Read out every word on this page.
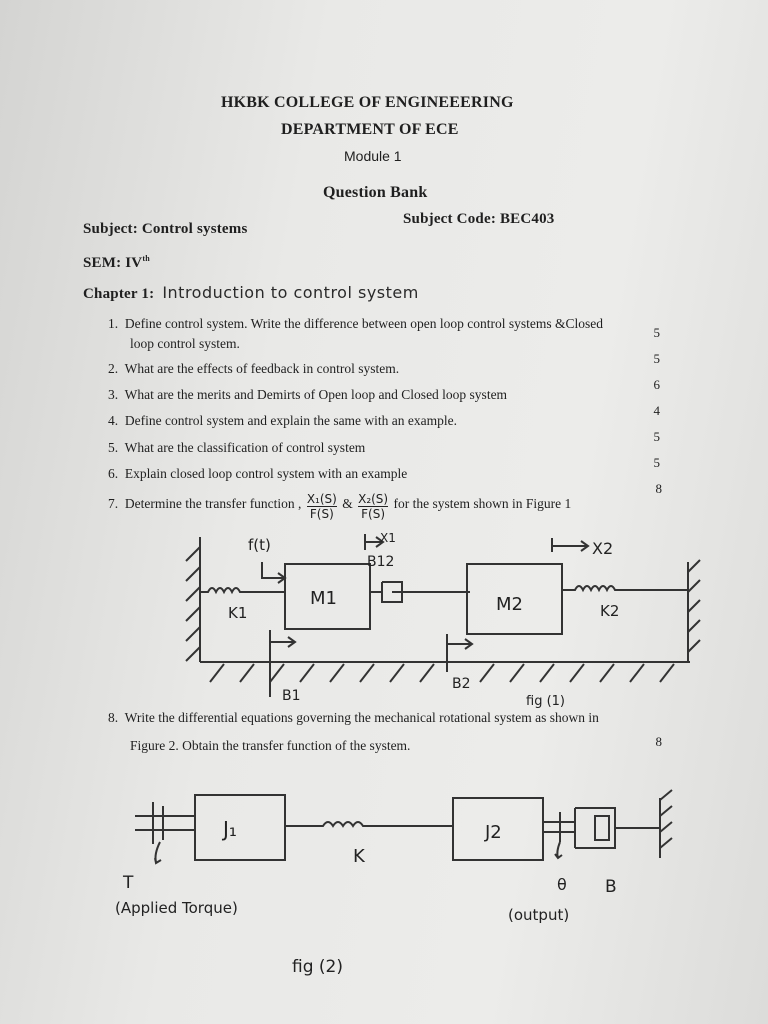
HKBK COLLEGE OF ENGINEEERING
DEPARTMENT OF ECE
Module 1
Question Bank
Subject: Control systems
Subject Code: BEC403
SEM: IVth
Chapter 1: Introduction to control system
1. Define control system. Write the difference between open loop control systems &Closed
loop control system.
5
2. What are the effects of feedback in control system.
5
3. What are the merits and Demirts of Open loop and Closed loop system
6
4. Define control system and explain the same with an example.
4
5. What are the classification of control system
5
6. Explain closed loop control system with an example
5
7. Determine the transfer function , $\frac{\text{X₁(S)}}{F(S)}$ & $\frac{\text{X₂(S)}}{F(S)}$ for the system shown in Figure 1
8
f(t)	X1
B12
X2
M1	M2
K1	K2
B1
B2
fig (1)
8. Write the differential equations governing the mechanical rotational system as shown in
Figure 2. Obtain the transfer function of the system.	8
J₁	J2
K
T
(Applied Torque)
θ B
(output)
fig (2)
